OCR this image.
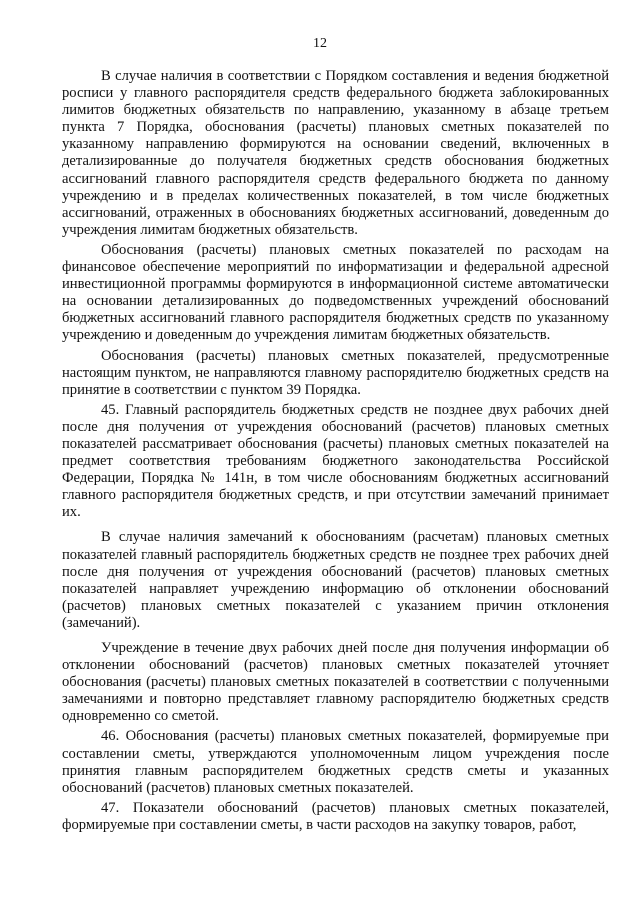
12

В случае наличия в соответствии с Порядком составления и ведения бюджетной росписи у главного распорядителя средств федерального бюджета заблокированных лимитов бюджетных обязательств по направлению, указанному в абзаце третьем пункта 7 Порядка, обоснования (расчеты) плановых сметных показателей по указанному направлению формируются на основании сведений, включенных в детализированные до получателя бюджетных средств обоснования бюджетных ассигнований главного распорядителя средств федерального бюджета по данному учреждению и в пределах количественных показателей, в том числе бюджетных ассигнований, отраженных в обоснованиях бюджетных ассигнований, доведенным до учреждения лимитам бюджетных обязательств.

Обоснования (расчеты) плановых сметных показателей по расходам на финансовое обеспечение мероприятий по информатизации и федеральной адресной инвестиционной программы формируются в информационной системе автоматически на основании детализированных до подведомственных учреждений обоснований бюджетных ассигнований главного распорядителя бюджетных средств по указанному учреждению и доведенным до учреждения лимитам бюджетных обязательств.

Обоснования (расчеты) плановых сметных показателей, предусмотренные настоящим пунктом, не направляются главному распорядителю бюджетных средств на принятие в соответствии с пунктом 39 Порядка.

45. Главный распорядитель бюджетных средств не позднее двух рабочих дней после дня получения от учреждения обоснований (расчетов) плановых сметных показателей рассматривает обоснования (расчеты) плановых сметных показателей на предмет соответствия требованиям бюджетного законодательства Российской Федерации, Порядка № 141н, в том числе обоснованиям бюджетных ассигнований главного распорядителя бюджетных средств, и при отсутствии замечаний принимает их.

В случае наличия замечаний к обоснованиям (расчетам) плановых сметных показателей главный распорядитель бюджетных средств не позднее трех рабочих дней после дня получения от учреждения обоснований (расчетов) плановых сметных показателей направляет учреждению информацию об отклонении обоснований (расчетов) плановых сметных показателей с указанием причин отклонения (замечаний).

Учреждение в течение двух рабочих дней после дня получения информации об отклонении обоснований (расчетов) плановых сметных показателей уточняет обоснования (расчеты) плановых сметных показателей в соответствии с полученными замечаниями и повторно представляет главному распорядителю бюджетных средств одновременно со сметой.

46. Обоснования (расчеты) плановых сметных показателей, формируемые при составлении сметы, утверждаются уполномоченным лицом учреждения после принятия главным распорядителем бюджетных средств сметы и указанных обоснований (расчетов) плановых сметных показателей.

47. Показатели обоснований (расчетов) плановых сметных показателей, формируемые при составлении сметы, в части расходов на закупку товаров, работ,
